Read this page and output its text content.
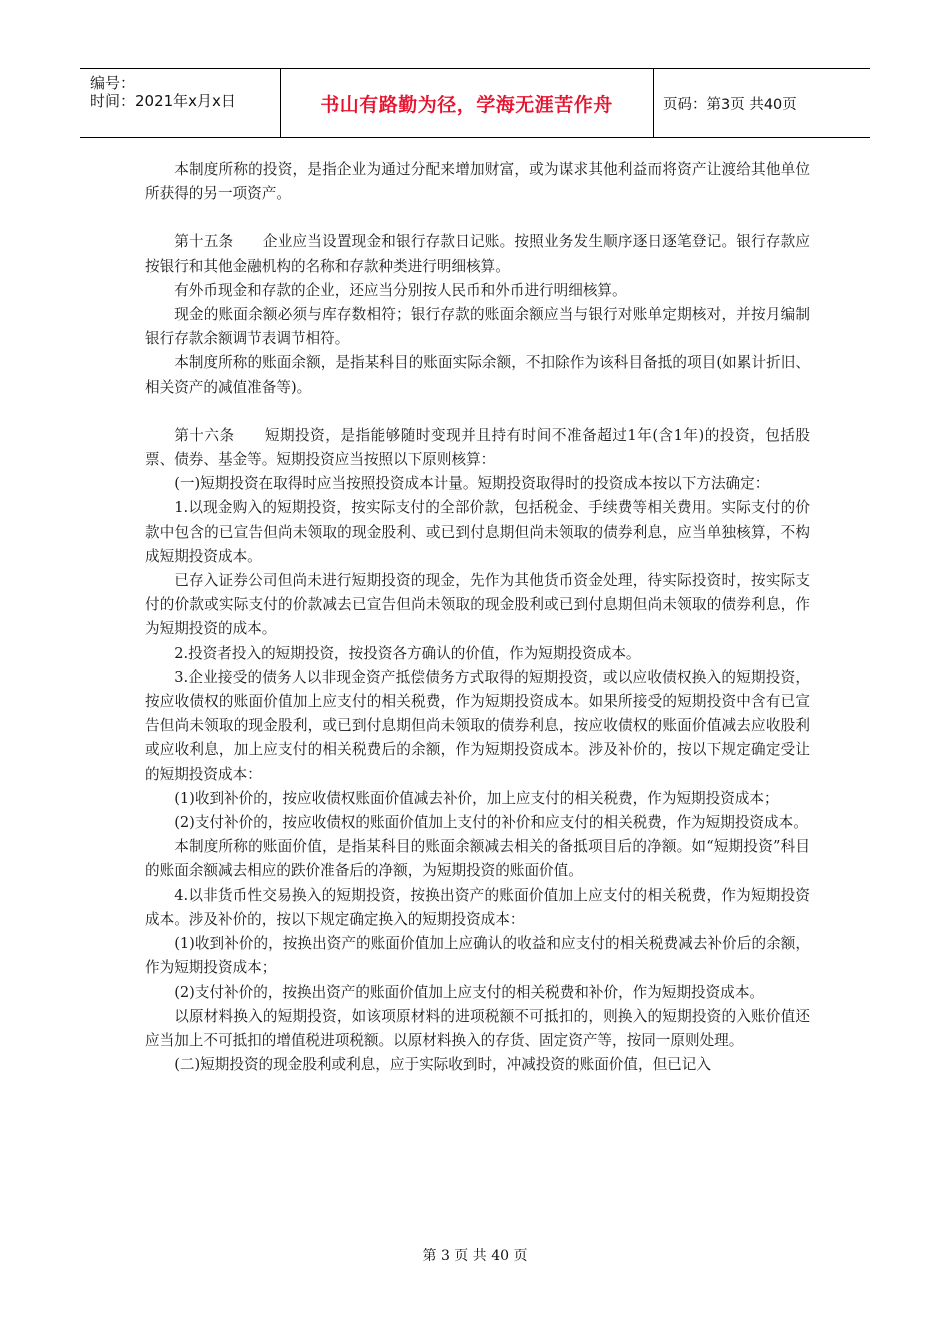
编号：
时间：2021年x月x日	书山有路勤为径，学海无涯苦作舟	页码：第3页 共40页

本制度所称的投资，是指企业为通过分配来增加财富，或为谋求其他利益而将资产让渡给其他单位所获得的另一项资产。

第十五条　　企业应当设置现金和银行存款日记账。按照业务发生顺序逐日逐笔登记。银行存款应按银行和其他金融机构的名称和存款种类进行明细核算。

有外币现金和存款的企业，还应当分别按人民币和外币进行明细核算。

现金的账面余额必须与库存数相符；银行存款的账面余额应当与银行对账单定期核对，并按月编制银行存款余额调节表调节相符。

本制度所称的账面余额，是指某科目的账面实际余额，不扣除作为该科目备抵的项目(如累计折旧、相关资产的减值准备等)。

第十六条　　短期投资，是指能够随时变现并且持有时间不准备超过1年(含1年)的投资，包括股票、债券、基金等。短期投资应当按照以下原则核算：

(一)短期投资在取得时应当按照投资成本计量。短期投资取得时的投资成本按以下方法确定：

1.以现金购入的短期投资，按实际支付的全部价款，包括税金、手续费等相关费用。实际支付的价款中包含的已宣告但尚未领取的现金股利、或已到付息期但尚未领取的债券利息，应当单独核算，不构成短期投资成本。

已存入证券公司但尚未进行短期投资的现金，先作为其他货币资金处理，待实际投资时，按实际支付的价款或实际支付的价款减去已宣告但尚未领取的现金股利或已到付息期但尚未领取的债券利息，作为短期投资的成本。

2.投资者投入的短期投资，按投资各方确认的价值，作为短期投资成本。

3.企业接受的债务人以非现金资产抵偿债务方式取得的短期投资，或以应收债权换入的短期投资，按应收债权的账面价值加上应支付的相关税费，作为短期投资成本。如果所接受的短期投资中含有已宣告但尚未领取的现金股利，或已到付息期但尚未领取的债券利息，按应收债权的账面价值减去应收股利或应收利息，加上应支付的相关税费后的余额，作为短期投资成本。涉及补价的，按以下规定确定受让的短期投资成本：

(1)收到补价的，按应收债权账面价值减去补价，加上应支付的相关税费，作为短期投资成本；

(2)支付补价的，按应收债权的账面价值加上支付的补价和应支付的相关税费，作为短期投资成本。

本制度所称的账面价值，是指某科目的账面余额减去相关的备抵项目后的净额。如“短期投资”科目的账面余额减去相应的跌价准备后的净额，为短期投资的账面价值。

4.以非货币性交易换入的短期投资，按换出资产的账面价值加上应支付的相关税费，作为短期投资成本。涉及补价的，按以下规定确定换入的短期投资成本：

(1)收到补价的，按换出资产的账面价值加上应确认的收益和应支付的相关税费减去补价后的余额，作为短期投资成本；

(2)支付补价的，按换出资产的账面价值加上应支付的相关税费和补价，作为短期投资成本。

以原材料换入的短期投资，如该项原材料的进项税额不可抵扣的，则换入的短期投资的入账价值还应当加上不可抵扣的增值税进项税额。以原材料换入的存货、固定资产等，按同一原则处理。

(二)短期投资的现金股利或利息，应于实际收到时，冲减投资的账面价值，但已记入

第 3 页 共 40 页
